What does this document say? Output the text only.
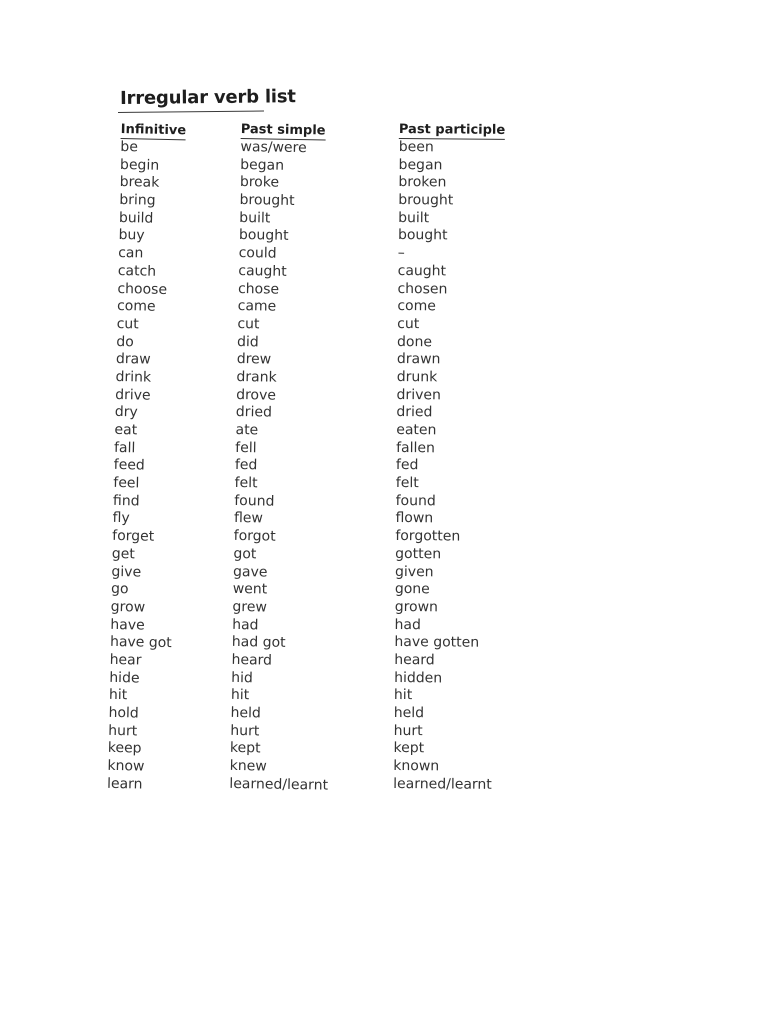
Irregular verb list
Infinitive
be
begin
break
bring
build
buy
can
catch
choose
come
cut
do
draw
drink
drive
dry
eat
fall
feed
feel
find
fly
forget
get
give
go
grow
have
have got
hear
hide
hit
hold
hurt
keep
know
learn
Past simple
was/were
began
broke
brought
built
bought
could
caught
chose
came
cut
did
drew
drank
drove
dried
ate
fell
fed
felt
found
flew
forgot
got
gave
went
grew
had
had got
heard
hid
hit
held
hurt
kept
knew
learned/learnt
Past participle
been
began
broken
brought
built
bought
–
caught
chosen
come
cut
done
drawn
drunk
driven
dried
eaten
fallen
fed
felt
found
flown
forgotten
gotten
given
gone
grown
had
have gotten
heard
hidden
hit
held
hurt
kept
known
learned/learnt
